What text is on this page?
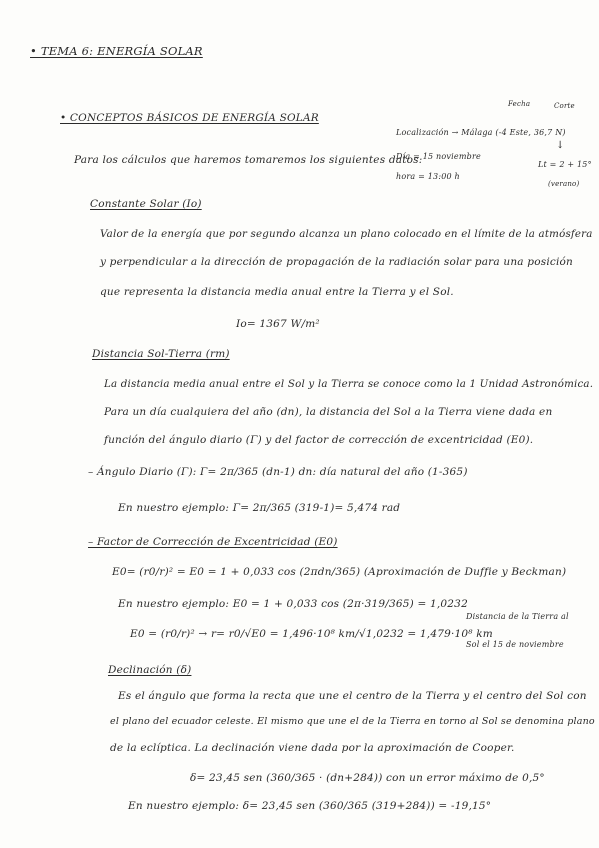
• TEMA 6: ENERGÍA SOLAR
• CONCEPTOS BÁSICOS DE ENERGÍA SOLAR
Fecha	Corte
Localización → Málaga (-4 Este, 36,7 N)
Día = 15 noviembre
hora = 13:00 h
↓
Lt = 2 + 15°
(verano)
Para los cálculos que haremos tomaremos los siguientes datos:
Constante Solar (Io)
Valor de la energía que por segundo alcanza un plano colocado en el límite de la atmósfera
y perpendicular a la dirección de propagación de la radiación solar para una posición
que representa la distancia media anual entre la Tierra y el Sol.
Io= 1367 W/m²
Distancia Sol-Tierra (rm)
La distancia media anual entre el Sol y la Tierra se conoce como la 1 Unidad Astronómica.
Para un día cualquiera del año (dn), la distancia del Sol a la Tierra viene dada en
función del ángulo diario (Γ) y del factor de corrección de excentricidad (E0).
– Ángulo Diario (Γ): Γ= 2π/365 (dn-1) dn: día natural del año (1-365)
En nuestro ejemplo: Γ= 2π/365 (319-1)= 5,474 rad
– Factor de Corrección de Excentricidad (E0)
E0= (r0/r)² = E0 = 1 + 0,033 cos (2πdn/365) (Aproximación de Duffie y Beckman)
En nuestro ejemplo: E0 = 1 + 0,033 cos (2π·319/365) = 1,0232
E0 = (r0/r)² → r= r0/√E0 = 1,496·10⁸ km/√1,0232 = 1,479·10⁸ km
Distancia de la Tierra al
Sol el 15 de noviembre
Declinación (δ)
Es el ángulo que forma la recta que une el centro de la Tierra y el centro del Sol con
el plano del ecuador celeste. El mismo que une el de la Tierra en torno al Sol se denomina plano
de la eclíptica. La declinación viene dada por la aproximación de Cooper.
δ= 23,45 sen (360/365 · (dn+284)) con un error máximo de 0,5°
En nuestro ejemplo: δ= 23,45 sen (360/365 (319+284)) = -19,15°
